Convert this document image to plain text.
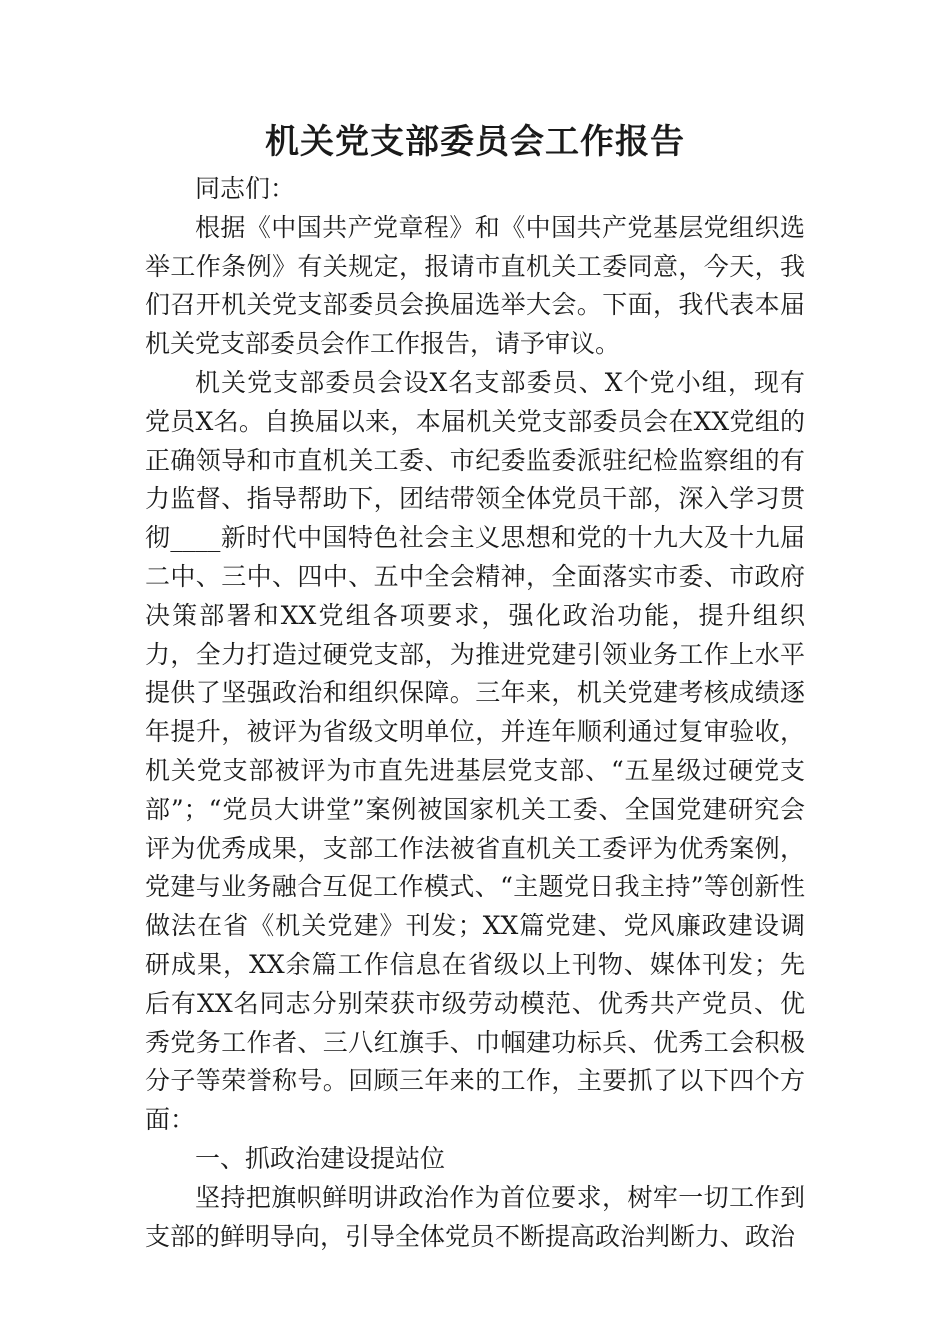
机关党支部委员会工作报告

同志们：

根据《中国共产党章程》和《中国共产党基层党组织选举工作条例》有关规定，报请市直机关工委同意，今天，我们召开机关党支部委员会换届选举大会。下面，我代表本届机关党支部委员会作工作报告，请予审议。

机关党支部委员会设X名支部委员、X个党小组，现有党员X名。自换届以来，本届机关党支部委员会在XX党组的正确领导和市直机关工委、市纪委监委派驻纪检监察组的有力监督、指导帮助下，团结带领全体党员干部，深入学习贯彻____新时代中国特色社会主义思想和党的十九大及十九届二中、三中、四中、五中全会精神，全面落实市委、市政府决策部署和XX党组各项要求，强化政治功能，提升组织力，全力打造过硬党支部，为推进党建引领业务工作上水平提供了坚强政治和组织保障。三年来，机关党建考核成绩逐年提升，被评为省级文明单位，并连年顺利通过复审验收，机关党支部被评为市直先进基层党支部、“五星级过硬党支部”；“党员大讲堂”案例被国家机关工委、全国党建研究会评为优秀成果，支部工作法被省直机关工委评为优秀案例，党建与业务融合互促工作模式、“主题党日我主持”等创新性做法在省《机关党建》刊发；XX篇党建、党风廉政建设调研成果，XX余篇工作信息在省级以上刊物、媒体刊发；先后有XX名同志分别荣获市级劳动模范、优秀共产党员、优秀党务工作者、三八红旗手、巾帼建功标兵、优秀工会积极分子等荣誉称号。回顾三年来的工作，主要抓了以下四个方面：

一、抓政治建设提站位

坚持把旗帜鲜明讲政治作为首位要求，树牢一切工作到支部的鲜明导向，引导全体党员不断提高政治判断力、政治
